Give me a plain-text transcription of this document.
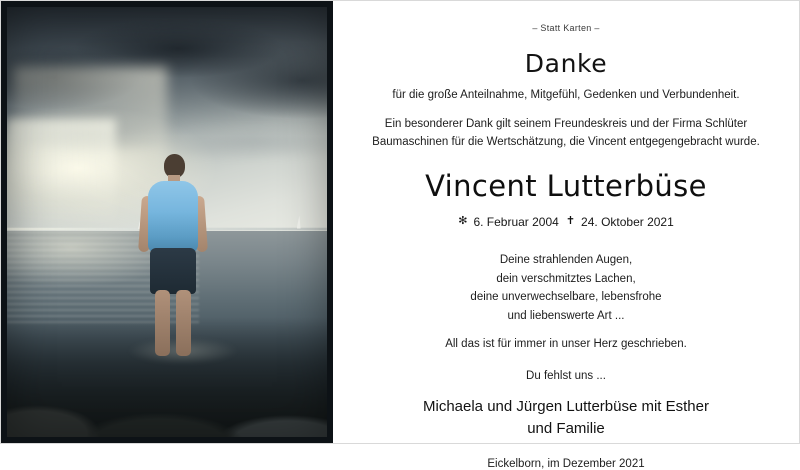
– Statt Karten –
Danke
für die große Anteilnahme, Mitgefühl, Gedenken und Verbundenheit.
Ein besonderer Dank gilt seinem Freundeskreis und der Firma Schlüter
Baumaschinen für die Wertschätzung, die Vincent entgegengebracht wurde.
Vincent Lutterbüse
✻ 6. Februar 2004 ✝ 24. Oktober 2021
Deine strahlenden Augen,
dein verschmitztes Lachen,
deine unverwechselbare, lebensfrohe
und liebenswerte Art ...
All das ist für immer in unser Herz geschrieben.
Du fehlst uns ...
Michaela und Jürgen Lutterbüse mit Esther
und Familie
Eickelborn, im Dezember 2021
